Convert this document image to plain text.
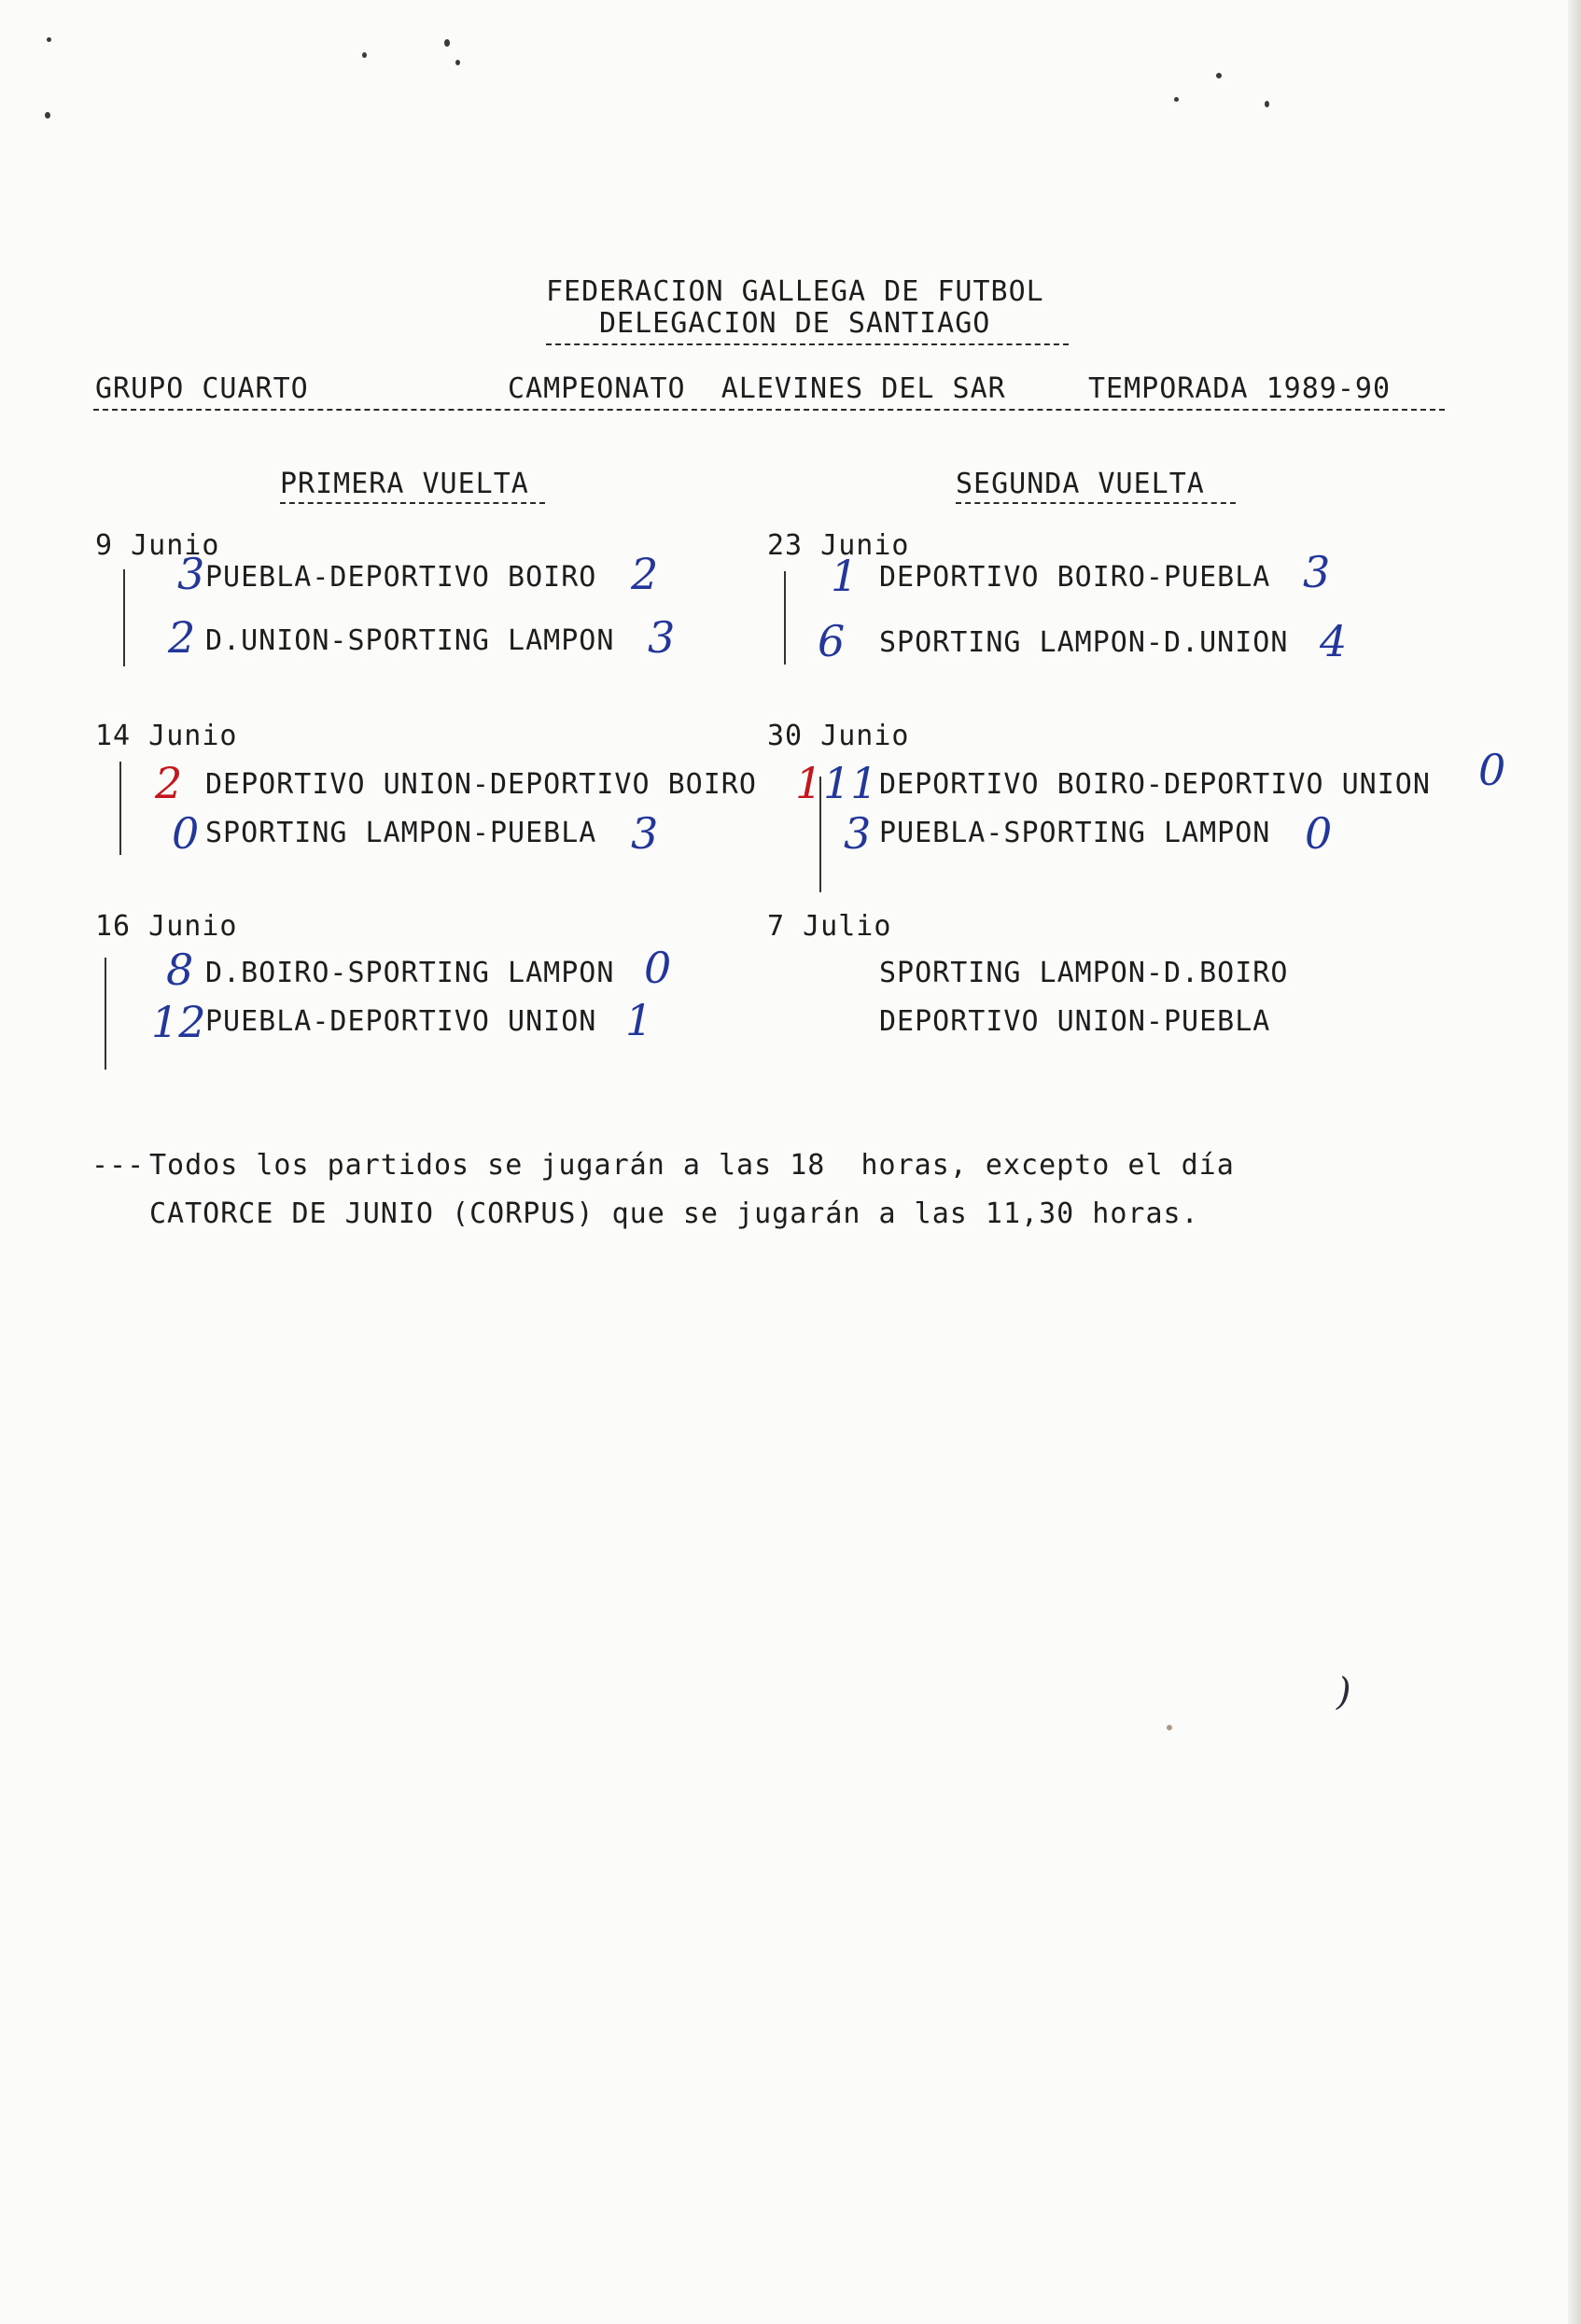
FEDERACION GALLEGA DE FUTBOL
DELEGACION DE SANTIAGO
GRUPO CUARTO	CAMPEONATO  ALEVINES DEL SAR	TEMPORADA 1989-90
PRIMERA VUELTA	SEGUNDA VUELTA
9 Junio
3 PUEBLA-DEPORTIVO BOIRO 2
2 D.UNION-SPORTING LAMPON 3
14 Junio
2 DEPORTIVO UNION-DEPORTIVO BOIRO 1
0 SPORTING LAMPON-PUEBLA 3
16 Junio
8 D.BOIRO-SPORTING LAMPON 0
12 PUEBLA-DEPORTIVO UNION 1
23 Junio
1 DEPORTIVO BOIRO-PUEBLA 3
6 SPORTING LAMPON-D.UNION 4
30 Junio
11 DEPORTIVO BOIRO-DEPORTIVO UNION 0
3 PUEBLA-SPORTING LAMPON 0
7 Julio
SPORTING LAMPON-D.BOIRO
DEPORTIVO UNION-PUEBLA
--- Todos los partidos se jugarán a las 18  horas, excepto el día
CATORCE DE JUNIO (CORPUS) que se jugarán a las 11,30 horas.
)
